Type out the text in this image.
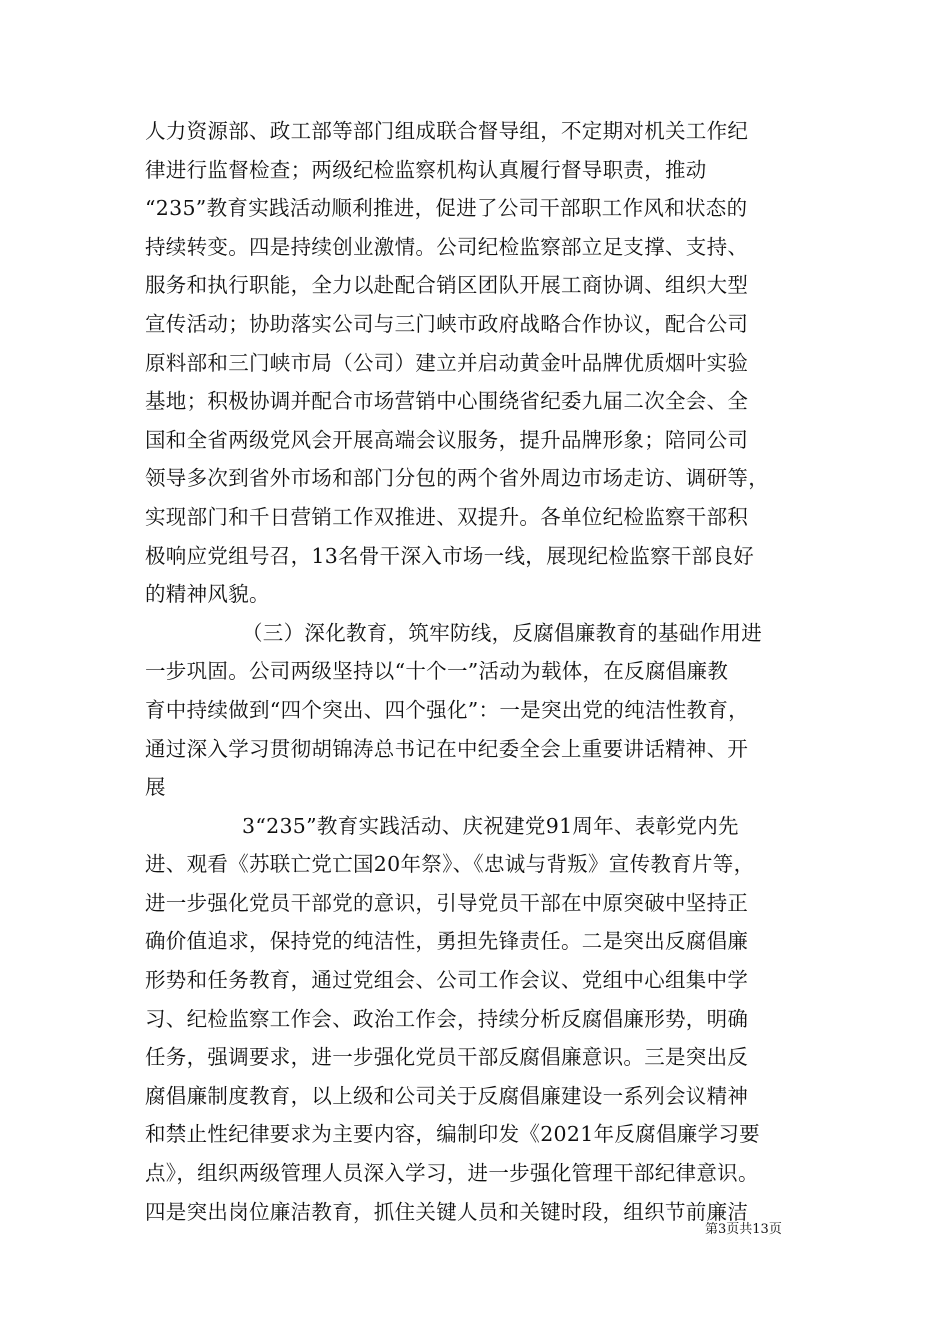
人力资源部、政工部等部门组成联合督导组，不定期对机关工作纪
律进行监督检查；两级纪检监察机构认真履行督导职责，推动
“235”教育实践活动顺利推进，促进了公司干部职工作风和状态的
持续转变。四是持续创业激情。公司纪检监察部立足支撑、支持、
服务和执行职能，全力以赴配合销区团队开展工商协调、组织大型
宣传活动；协助落实公司与三门峡市政府战略合作协议，配合公司
原料部和三门峡市局（公司）建立并启动黄金叶品牌优质烟叶实验
基地；积极协调并配合市场营销中心围绕省纪委九届二次全会、全
国和全省两级党风会开展高端会议服务，提升品牌形象；陪同公司
领导多次到省外市场和部门分包的两个省外周边市场走访、调研等，
实现部门和千日营销工作双推进、双提升。各单位纪检监察干部积
极响应党组号召，13名骨干深入市场一线，展现纪检监察干部良好
的精神风貌。
（三）深化教育，筑牢防线，反腐倡廉教育的基础作用进
一步巩固。公司两级坚持以“十个一”活动为载体，在反腐倡廉教
育中持续做到“四个突出、四个强化”：一是突出党的纯洁性教育，
通过深入学习贯彻胡锦涛总书记在中纪委全会上重要讲话精神、开
展
3“235”教育实践活动、庆祝建党91周年、表彰党内先
进、观看《苏联亡党亡国20年祭》、《忠诚与背叛》宣传教育片等，
进一步强化党员干部党的意识，引导党员干部在中原突破中坚持正
确价值追求，保持党的纯洁性，勇担先锋责任。二是突出反腐倡廉
形势和任务教育，通过党组会、公司工作会议、党组中心组集中学
习、纪检监察工作会、政治工作会，持续分析反腐倡廉形势，明确
任务，强调要求，进一步强化党员干部反腐倡廉意识。三是突出反
腐倡廉制度教育，以上级和公司关于反腐倡廉建设一系列会议精神
和禁止性纪律要求为主要内容，编制印发《2021年反腐倡廉学习要
点》，组织两级管理人员深入学习，进一步强化管理干部纪律意识。
四是突出岗位廉洁教育，抓住关键人员和关键时段，组织节前廉洁
第3页共13页
